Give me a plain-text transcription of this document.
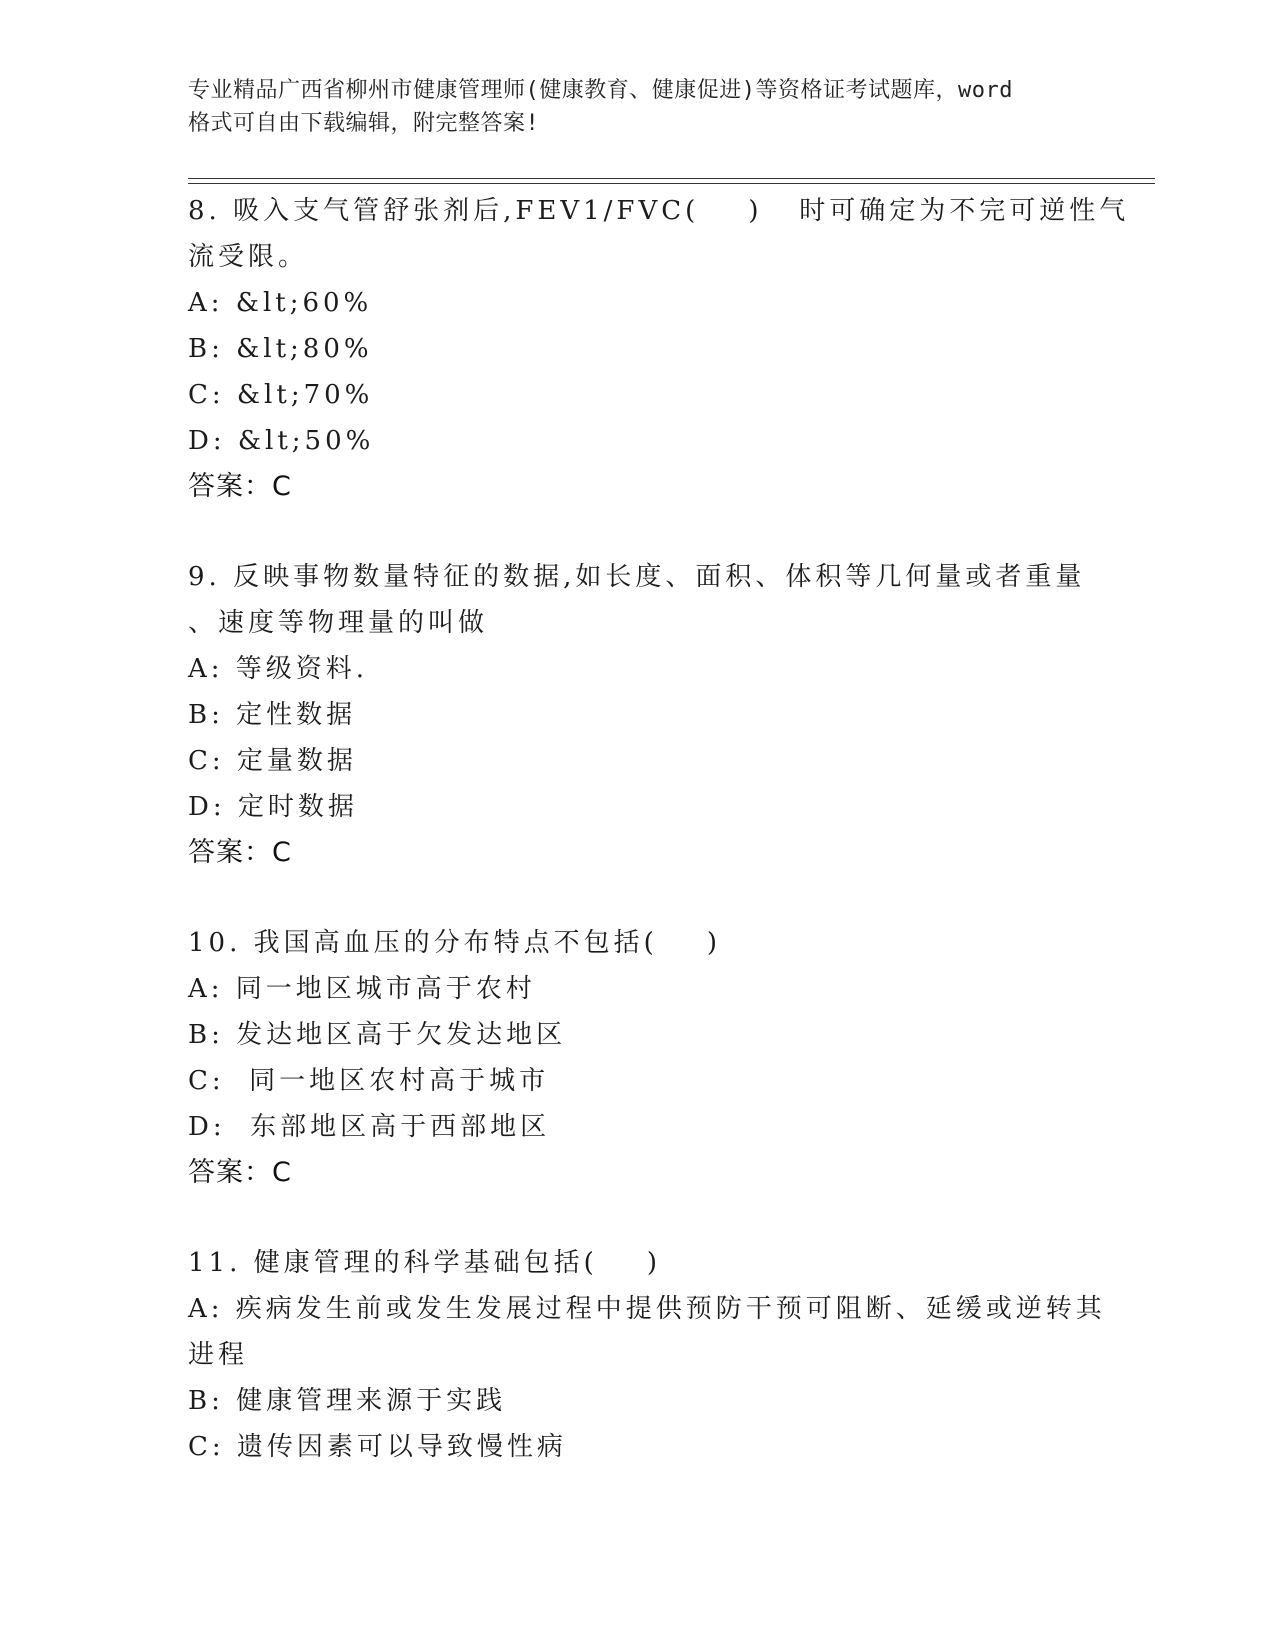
专业精品广西省柳州市健康管理师(健康教育、健康促进)等资格证考试题库，word
格式可自由下载编辑，附完整答案!
8. 吸入支气管舒张剂后,FEV1/FVC(    )   时可确定为不完可逆性气
流受限。
A: &lt;60%
B: &lt;80%
C: &lt;70%
D: &lt;50%
答案：C
9. 反映事物数量特征的数据,如长度、面积、体积等几何量或者重量
、速度等物理量的叫做
A: 等级资料.
B: 定性数据
C: 定量数据
D: 定时数据
答案：C
10. 我国高血压的分布特点不包括(    )
A: 同一地区城市高于农村
B: 发达地区高于欠发达地区
C:  同一地区农村高于城市
D:  东部地区高于西部地区
答案：C
11. 健康管理的科学基础包括(    )
A: 疾病发生前或发生发展过程中提供预防干预可阻断、延缓或逆转其
进程
B: 健康管理来源于实践
C: 遗传因素可以导致慢性病
